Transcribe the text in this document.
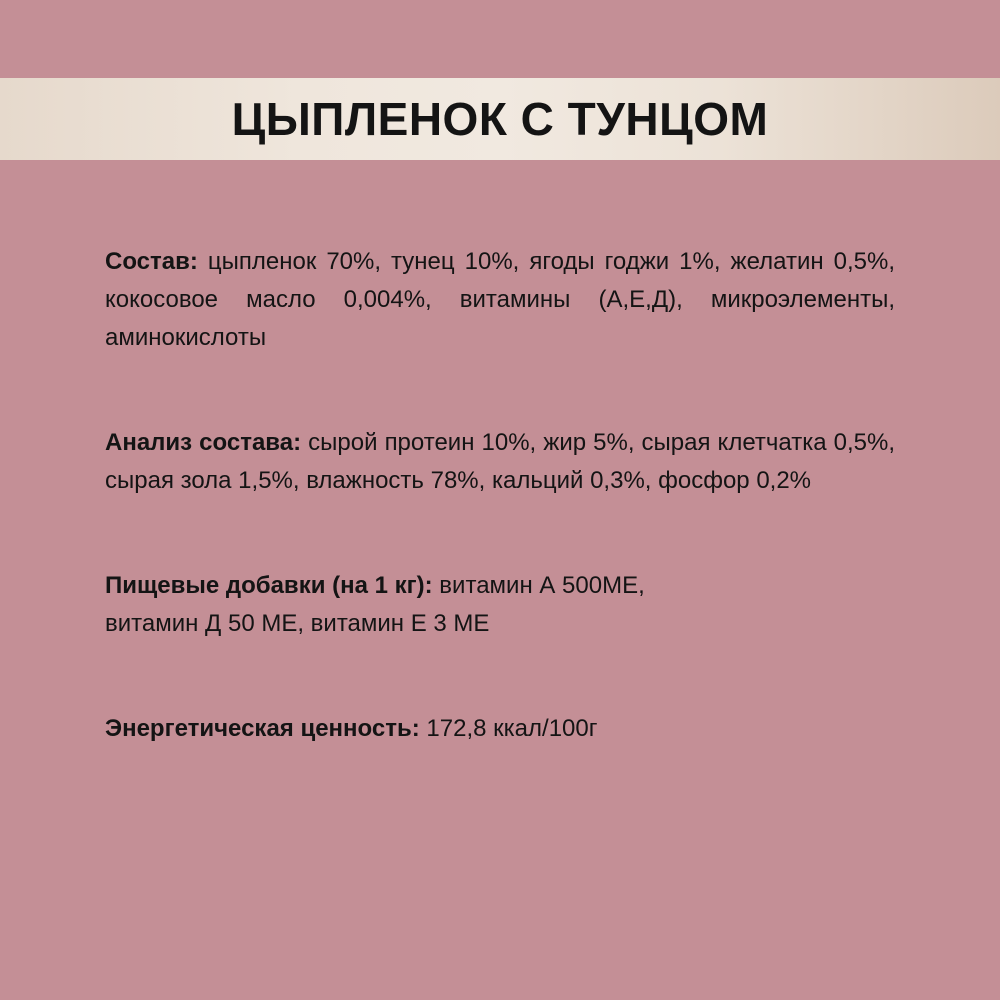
ЦЫПЛЕНОК С ТУНЦОМ

Состав: цыпленок 70%, тунец 10%, ягоды годжи 1%, желатин 0,5%, кокосовое масло 0,004%, витамины (А,Е,Д), микроэлементы, аминокислоты

Анализ состава: сырой протеин 10%, жир 5%, сырая клетчатка 0,5%, сырая зола 1,5%, влажность 78%, кальций 0,3%, фосфор 0,2%

Пищевые добавки (на 1 кг): витамин А 500МЕ,
витамин Д 50 МЕ, витамин Е 3 МЕ

Энергетическая ценность: 172,8 ккал/100г
